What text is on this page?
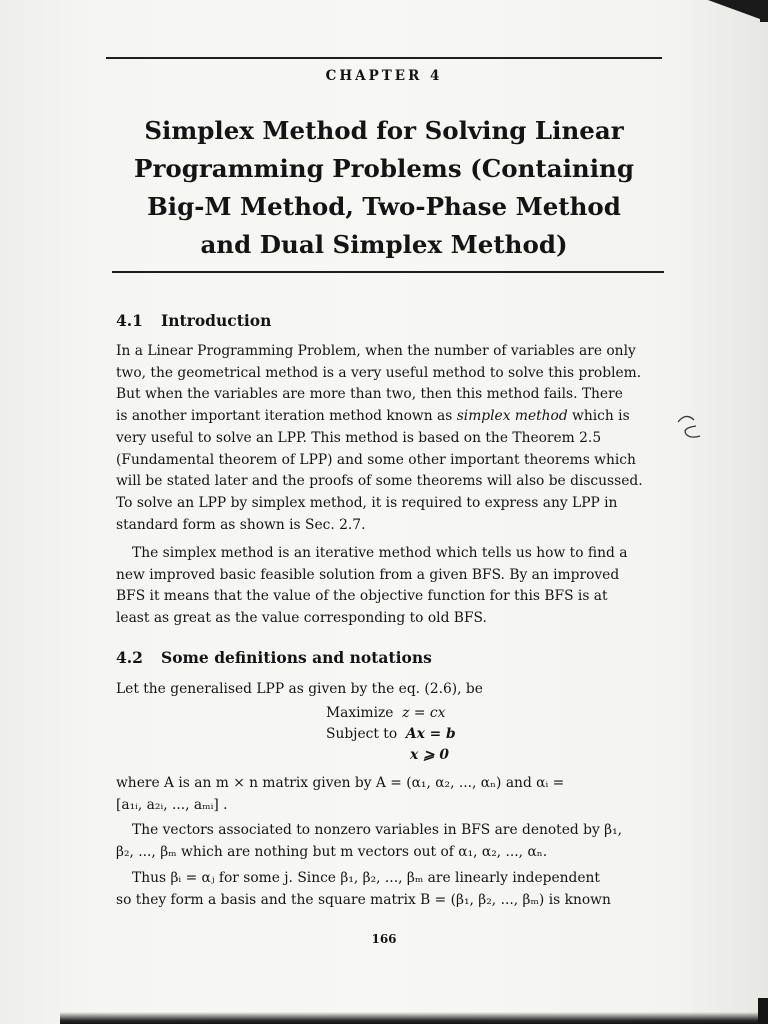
CHAPTER 4
Simplex Method for Solving Linear
Programming Problems (Containing
Big-M Method, Two-Phase Method
and Dual Simplex Method)
4.1 Introduction
In a Linear Programming Problem, when the number of variables are only
two, the geometrical method is a very useful method to solve this problem.
But when the variables are more than two, then this method fails. There
is another important iteration method known as simplex method which is
very useful to solve an LPP. This method is based on the Theorem 2.5
(Fundamental theorem of LPP) and some other important theorems which
will be stated later and the proofs of some theorems will also be discussed.
To solve an LPP by simplex method, it is required to express any LPP in
standard form as shown is Sec. 2.7.
The simplex method is an iterative method which tells us how to find a
new improved basic feasible solution from a given BFS. By an improved
BFS it means that the value of the objective function for this BFS is at
least as great as the value corresponding to old BFS.
4.2 Some definitions and notations
Let the generalised LPP as given by the eq. (2.6), be
Maximize z = cx
Subject to Ax = b
x ⩾ 0
where A is an m × n matrix given by A = (α₁, α₂, ..., αₙ) and αᵢ =
[a₁ᵢ, a₂ᵢ, ..., aₘᵢ] .
The vectors associated to nonzero variables in BFS are denoted by β₁,
β₂, ..., βₘ which are nothing but m vectors out of α₁, α₂, ..., αₙ.
Thus βᵢ = αⱼ for some j. Since β₁, β₂, ..., βₘ are linearly independent
so they form a basis and the square matrix B = (β₁, β₂, ..., βₘ) is known
166
